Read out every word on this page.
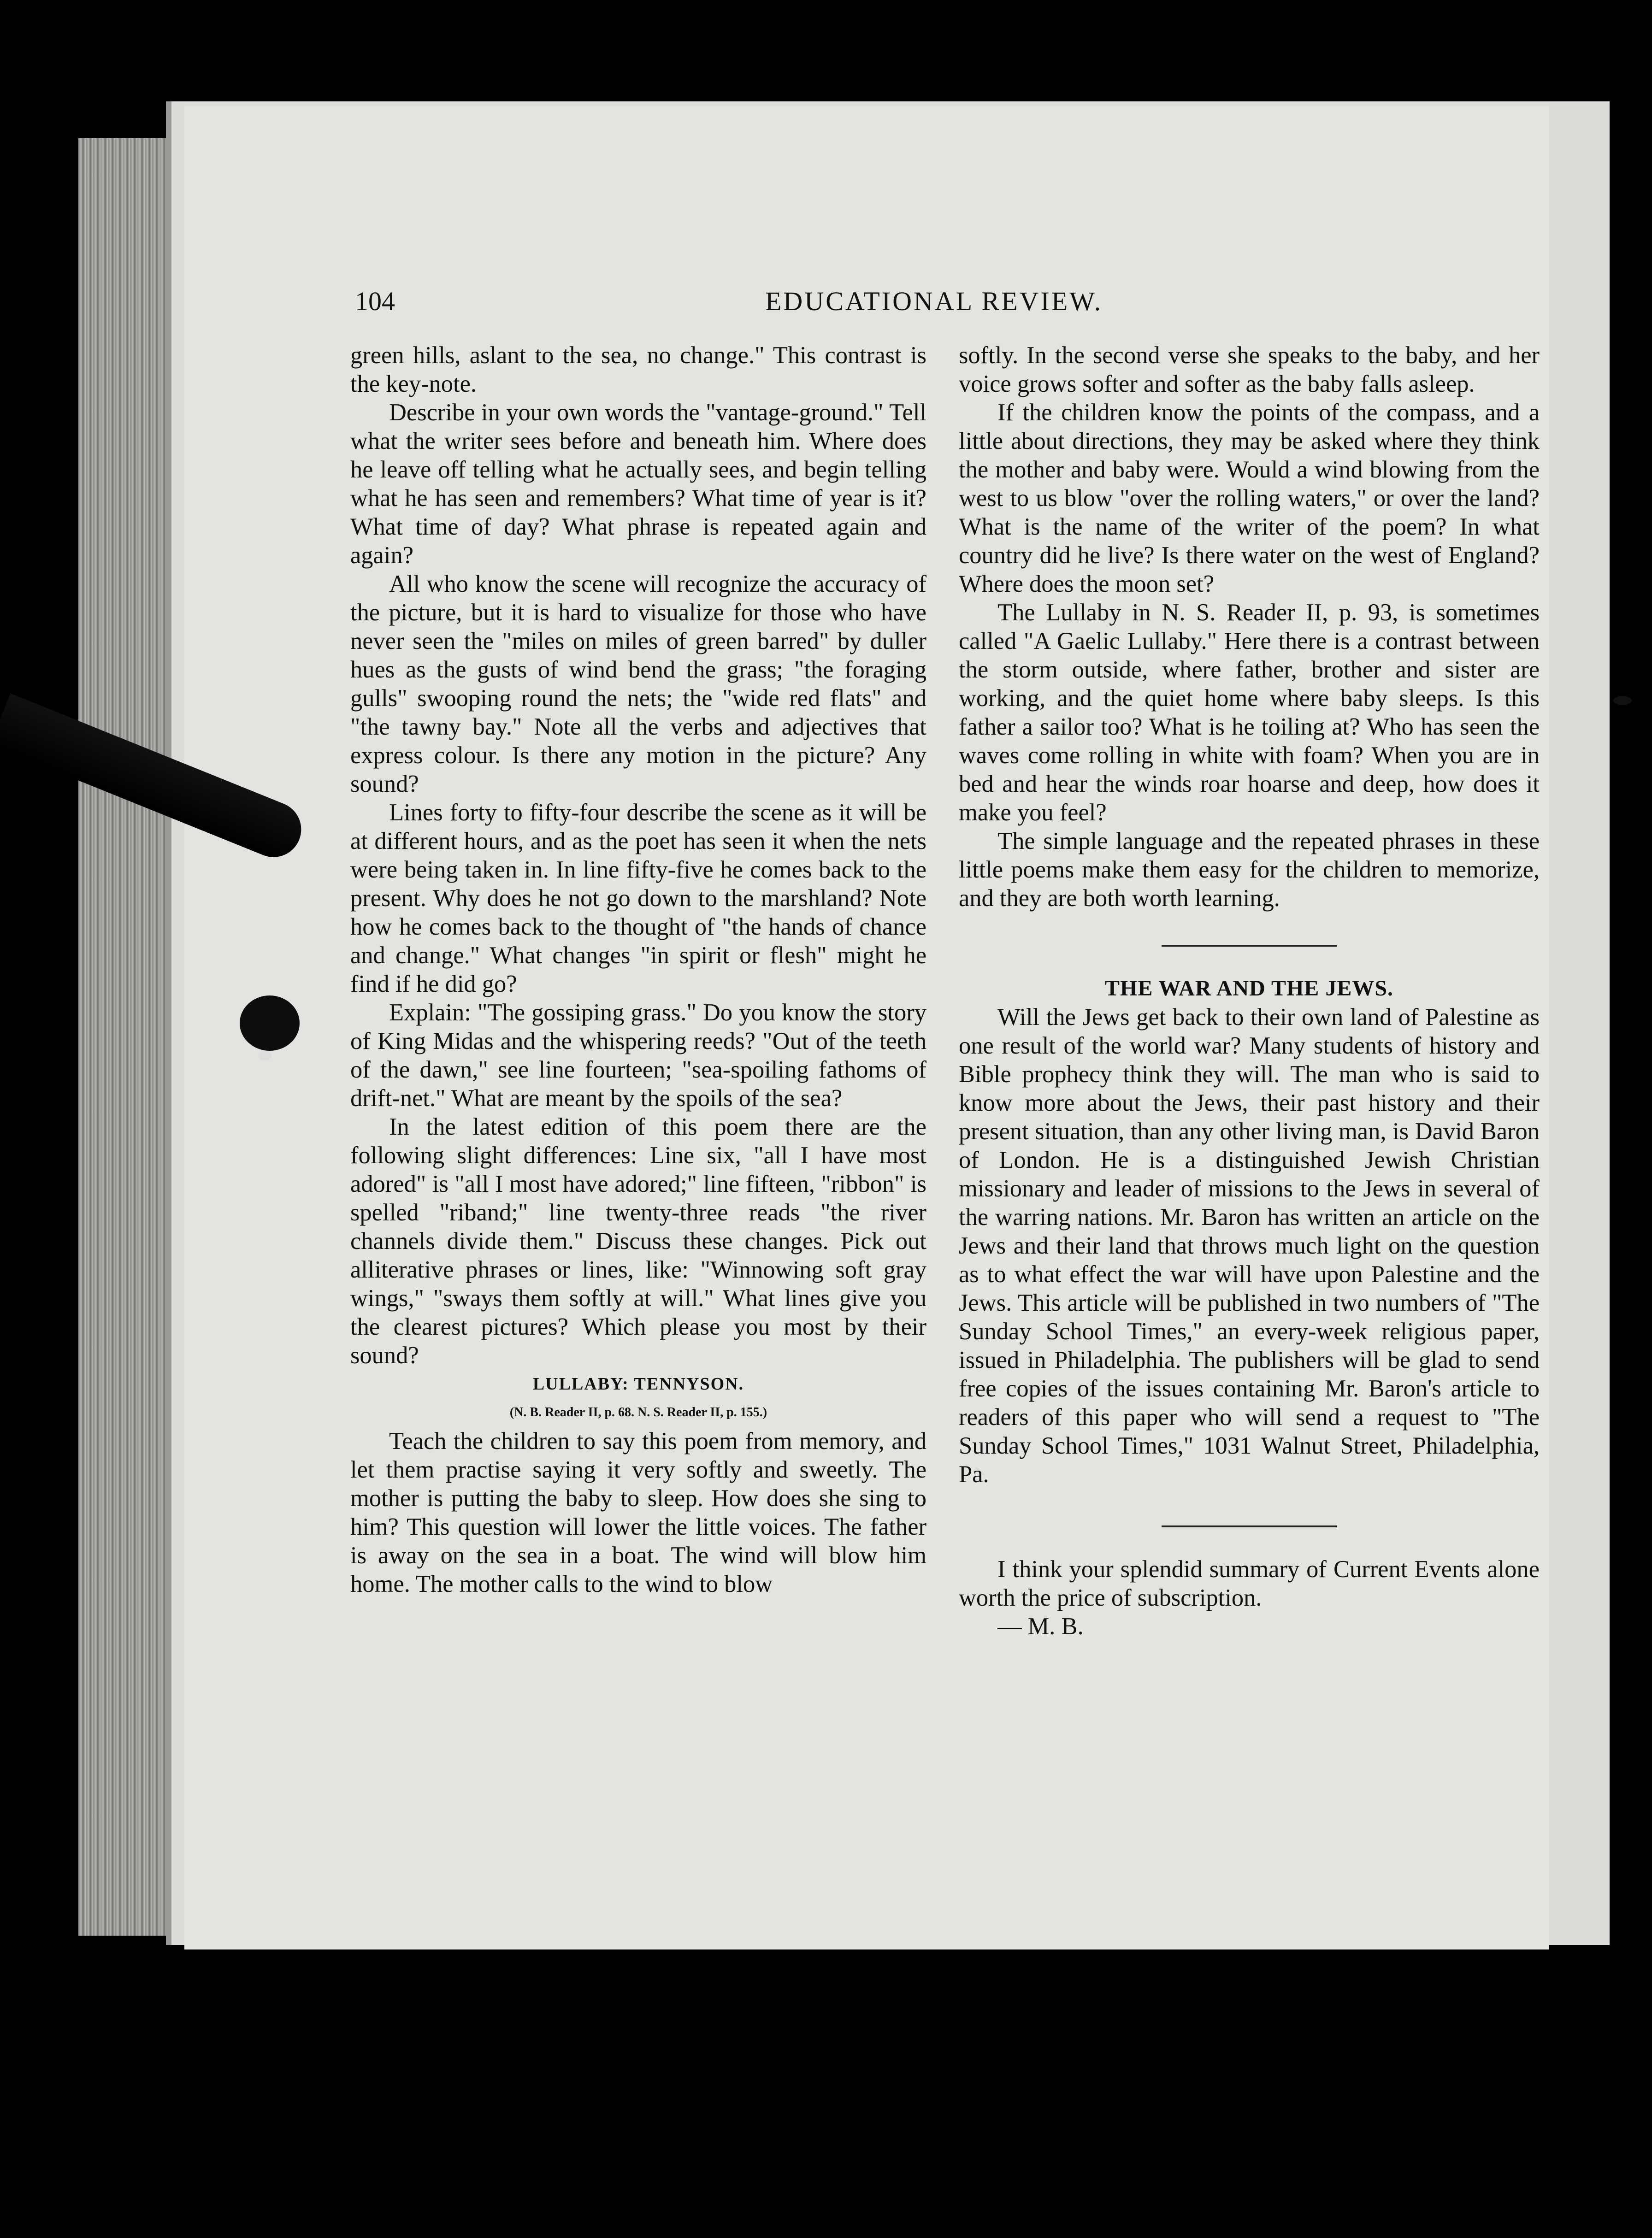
104	EDUCATIONAL REVIEW.

green hills, aslant to the sea, no change." This contrast is the key-note.

Describe in your own words the "vantage-ground." Tell what the writer sees before and beneath him. Where does he leave off telling what he actually sees, and begin telling what he has seen and remembers? What time of year is it? What time of day? What phrase is repeated again and again?

All who know the scene will recognize the accuracy of the picture, but it is hard to visualize for those who have never seen the "miles on miles of green barred" by duller hues as the gusts of wind bend the grass; "the foraging gulls" swooping round the nets; the "wide red flats" and "the tawny bay." Note all the verbs and adjectives that express colour. Is there any motion in the picture? Any sound?

Lines forty to fifty-four describe the scene as it will be at different hours, and as the poet has seen it when the nets were being taken in. In line fifty-five he comes back to the present. Why does he not go down to the marshland? Note how he comes back to the thought of "the hands of chance and change." What changes "in spirit or flesh" might he find if he did go?

Explain: "The gossiping grass." Do you know the story of King Midas and the whispering reeds? "Out of the teeth of the dawn," see line fourteen; "sea-spoiling fathoms of drift-net." What are meant by the spoils of the sea?

In the latest edition of this poem there are the following slight differences: Line six, "all I have most adored" is "all I most have adored;" line fifteen, "ribbon" is spelled "riband;" line twenty-three reads "the river channels divide them." Discuss these changes. Pick out alliterative phrases or lines, like: "Winnowing soft gray wings," "sways them softly at will." What lines give you the clearest pictures? Which please you most by their sound?

LULLABY: TENNYSON.

(N. B. Reader II, p. 68. N. S. Reader II, p. 155.)

Teach the children to say this poem from memory, and let them practise saying it very softly and sweetly. The mother is putting the baby to sleep. How does she sing to him? This question will lower the little voices. The father is away on the sea in a boat. The wind will blow him home. The mother calls to the wind to blow

softly. In the second verse she speaks to the baby, and her voice grows softer and softer as the baby falls asleep.

If the children know the points of the compass, and a little about directions, they may be asked where they think the mother and baby were. Would a wind blowing from the west to us blow "over the rolling waters," or over the land? What is the name of the writer of the poem? In what country did he live? Is there water on the west of England? Where does the moon set?

The Lullaby in N. S. Reader II, p. 93, is sometimes called "A Gaelic Lullaby." Here there is a contrast between the storm outside, where father, brother and sister are working, and the quiet home where baby sleeps. Is this father a sailor too? What is he toiling at? Who has seen the waves come rolling in white with foam? When you are in bed and hear the winds roar hoarse and deep, how does it make you feel?

The simple language and the repeated phrases in these little poems make them easy for the children to memorize, and they are both worth learning.

THE WAR AND THE JEWS.

Will the Jews get back to their own land of Palestine as one result of the world war? Many students of history and Bible prophecy think they will. The man who is said to know more about the Jews, their past history and their present situation, than any other living man, is David Baron of London. He is a distinguished Jewish Christian missionary and leader of missions to the Jews in several of the warring nations. Mr. Baron has written an article on the Jews and their land that throws much light on the question as to what effect the war will have upon Palestine and the Jews. This article will be published in two numbers of "The Sunday School Times," an every-week religious paper, issued in Philadelphia. The publishers will be glad to send free copies of the issues containing Mr. Baron's article to readers of this paper who will send a request to "The Sunday School Times," 1031 Walnut Street, Philadelphia, Pa.

I think your splendid summary of Current Events alone worth the price of subscription.

— M. B.
